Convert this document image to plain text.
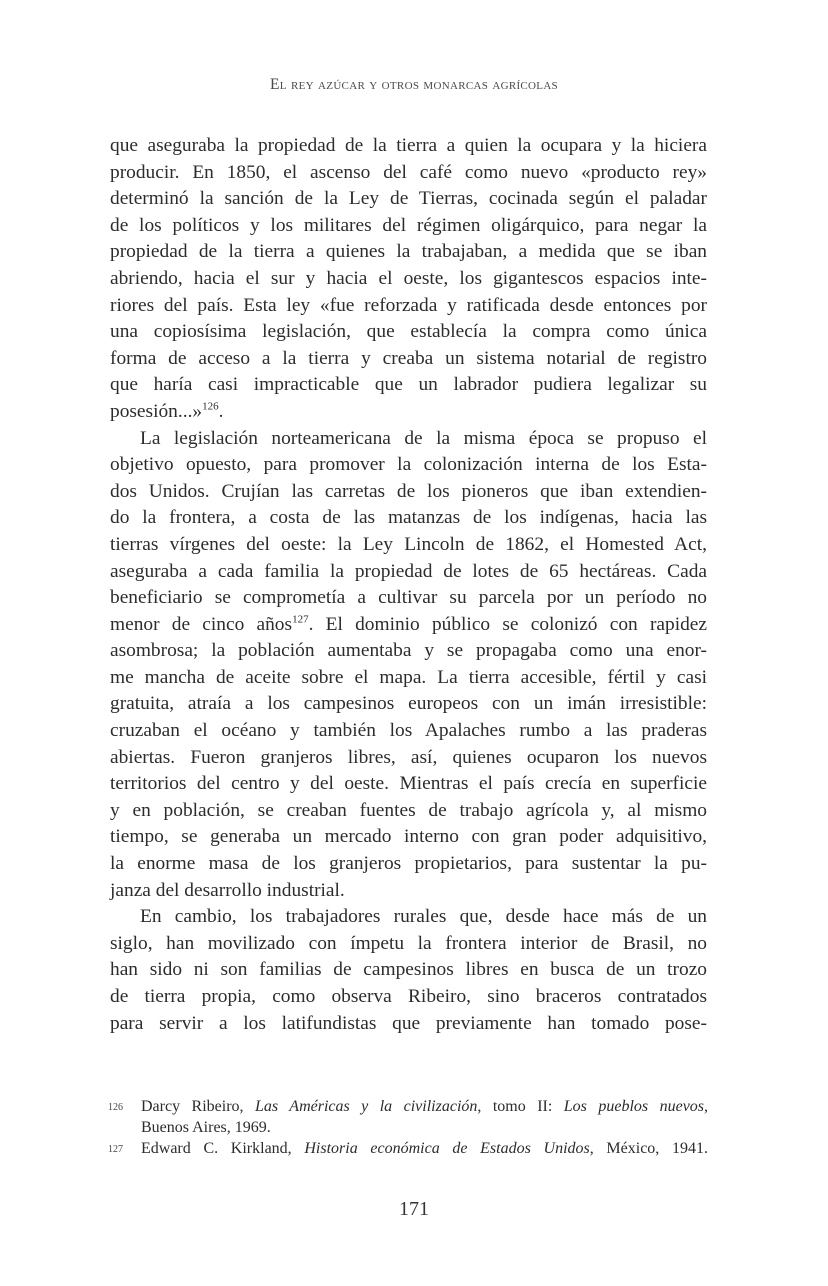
El rey azúcar y otros monarcas agrícolas
que aseguraba la propiedad de la tierra a quien la ocupara y la hiciera
producir. En 1850, el ascenso del café como nuevo «producto rey»
determinó la sanción de la Ley de Tierras, cocinada según el paladar
de los políticos y los militares del régimen oligárquico, para negar la
propiedad de la tierra a quienes la trabajaban, a medida que se iban
abriendo, hacia el sur y hacia el oeste, los gigantescos espacios inte-
riores del país. Esta ley «fue reforzada y ratificada desde entonces por
una copiosísima legislación, que establecía la compra como única
forma de acceso a la tierra y creaba un sistema notarial de registro
que haría casi impracticable que un labrador pudiera legalizar su
posesión...»$^{126}$.
La legislación norteamericana de la misma época se propuso el
objetivo opuesto, para promover la colonización interna de los Esta-
dos Unidos. Crujían las carretas de los pioneros que iban extendien-
do la frontera, a costa de las matanzas de los indígenas, hacia las
tierras vírgenes del oeste: la Ley Lincoln de 1862, el Homested Act,
aseguraba a cada familia la propiedad de lotes de 65 hectáreas. Cada
beneficiario se comprometía a cultivar su parcela por un período no
menor de cinco años$^{127}$. El dominio público se colonizó con rapidez
asombrosa; la población aumentaba y se propagaba como una enor-
me mancha de aceite sobre el mapa. La tierra accesible, fértil y casi
gratuita, atraía a los campesinos europeos con un imán irresistible:
cruzaban el océano y también los Apalaches rumbo a las praderas
abiertas. Fueron granjeros libres, así, quienes ocuparon los nuevos
territorios del centro y del oeste. Mientras el país crecía en superficie
y en población, se creaban fuentes de trabajo agrícola y, al mismo
tiempo, se generaba un mercado interno con gran poder adquisitivo,
la enorme masa de los granjeros propietarios, para sustentar la pu-
janza del desarrollo industrial.
En cambio, los trabajadores rurales que, desde hace más de un
siglo, han movilizado con ímpetu la frontera interior de Brasil, no
han sido ni son familias de campesinos libres en busca de un trozo
de tierra propia, como observa Ribeiro, sino braceros contratados
para servir a los latifundistas que previamente han tomado pose-
126 Darcy Ribeiro, Las Américas y la civilización, tomo II: Los pueblos nuevos,
Buenos Aires, 1969.
127 Edward C. Kirkland, Historia económica de Estados Unidos, México, 1941.
171
